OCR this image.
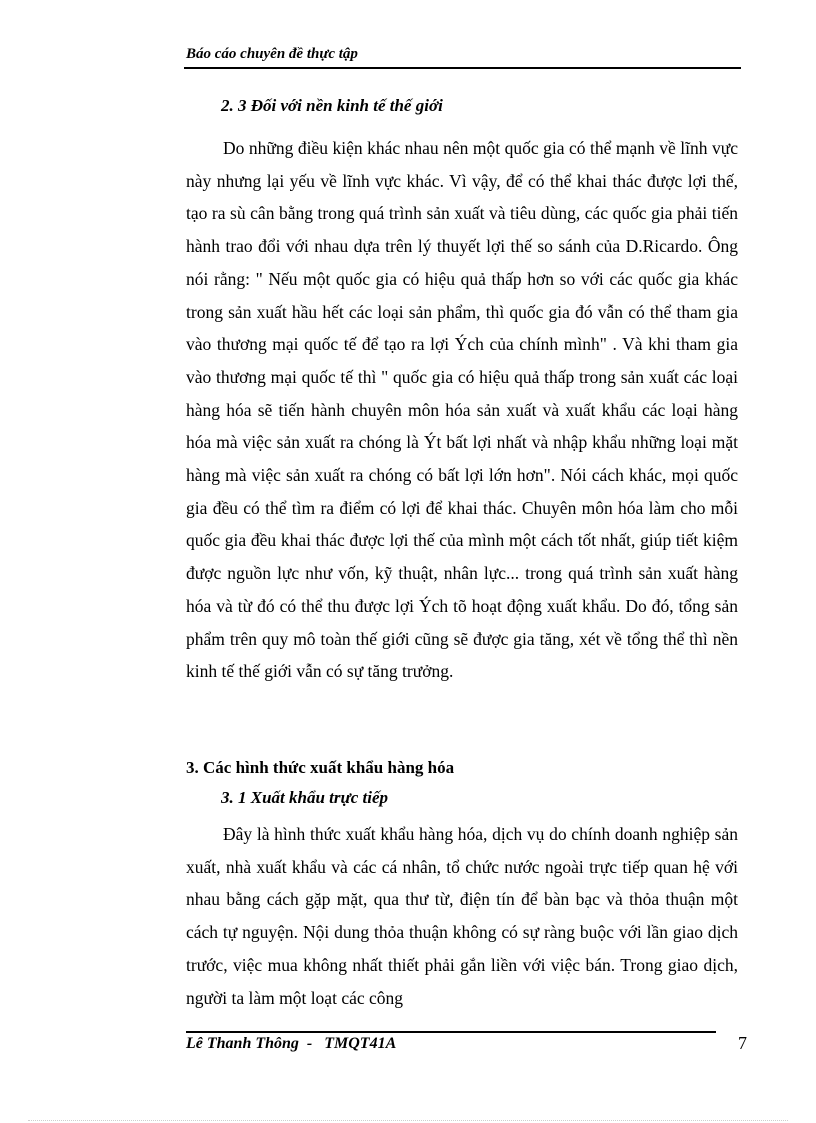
Báo cáo chuyên đề thực tập
2. 3 Đối với nền kinh tế thế giới

Do những điều kiện khác nhau nên một quốc gia có thể mạnh về lĩnh vực này nhưng lại yếu về lĩnh vực khác. Vì vậy, để có thể khai thác được lợi thế, tạo ra sù cân bằng trong quá trình sản xuất và tiêu dùng, các quốc gia phải tiến hành trao đổi với nhau dựa trên lý thuyết lợi thế so sánh của D.Ricardo. Ông nói rằng: " Nếu một quốc gia có hiệu quả thấp hơn so với các quốc gia khác trong sản xuất hầu hết các loại sản phẩm, thì quốc gia đó vẫn có thể tham gia vào thương mại quốc tế để tạo ra lợi Ých của chính mình" . Và khi tham gia vào thương mại quốc tế thì " quốc gia có hiệu quả thấp trong sản xuất các loại hàng hóa sẽ tiến hành chuyên môn hóa sản xuất và xuất khẩu các loại hàng hóa mà việc sản xuất ra chóng là Ýt bất lợi nhất và nhập khẩu những loại mặt hàng mà việc sản xuất ra chóng có bất lợi lớn hơn". Nói cách khác, mọi quốc gia đều có thể tìm ra điểm có lợi để khai thác. Chuyên môn hóa làm cho mỗi quốc gia đều khai thác được lợi thế của mình một cách tốt nhất, giúp tiết kiệm được nguồn lực như vốn, kỹ thuật, nhân lực... trong quá trình sản xuất hàng hóa và từ đó có thể thu được lợi Ých tõ hoạt động xuất khẩu. Do đó, tổng sản phẩm trên quy mô toàn thế giới cũng sẽ được gia tăng, xét về tổng thể thì nền kinh tế thế giới vẫn có sự tăng trưởng.

3. Các hình thức xuất khẩu hàng hóa
3. 1 Xuất khẩu trực tiếp

Đây là hình thức xuất khẩu hàng hóa, dịch vụ do chính doanh nghiệp sản xuất, nhà xuất khẩu và các cá nhân, tổ chức nước ngoài trực tiếp quan hệ với nhau bằng cách gặp mặt, qua thư từ, điện tín để bàn bạc và thỏa thuận một cách tự nguyện. Nội dung thỏa thuận không có sự ràng buộc với lần giao dịch trước, việc mua không nhất thiết phải gắn liền với việc bán. Trong giao dịch, người ta làm một loạt các công

Lê Thanh Thông  -   TMQT41A	7
